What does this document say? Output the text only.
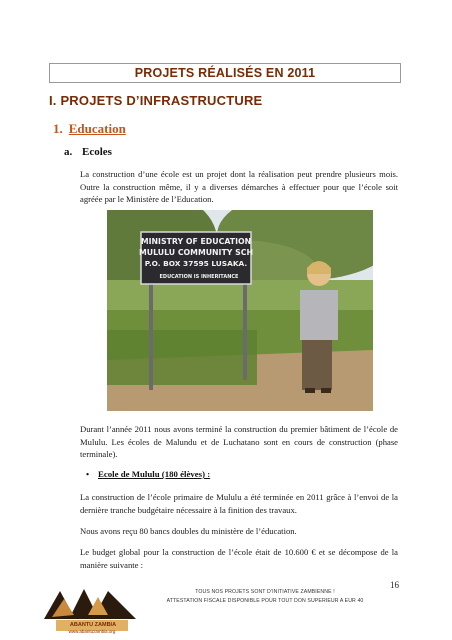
PROJETS RÉALISÉS EN 2011
I. PROJETS D’INFRASTRUCTURE
1. Education
a. Ecoles

La construction d’une école est un projet dont la réalisation peut prendre plusieurs mois. Outre la construction même, il y a diverses démarches à effectuer pour que l’école soit agréée par le Ministère de l’Education.

MINISTRY OF EDUCATION
MULULU COMMUNITY SCH
P.O. BOX 37595 LUSAKA.
EDUCATION IS INHERITANCE

Durant l’année 2011 nous avons terminé la construction du premier bâtiment de l’école de Mululu. Les écoles de Malundu et de Luchatano sont en cours de construction (phase terminale).

• Ecole de Mululu (180 élèves) :

La construction de l’école primaire de Mululu a été terminée en 2011 grâce à l’envoi de la dernière tranche budgétaire nécessaire à la finition des travaux.

Nous avons reçu 80 bancs doubles du ministère de l’éducation.

Le budget global pour la construction de l’école était de 10.600 € et se décompose de la manière suivante :

ABANTU ZAMBIA
www.abantuzambia.org
16
TOUS NOS PROJETS SONT D’INITIATIVE ZAMBIENNE !
ATTESTATION FISCALE DISPONIBLE POUR TOUT DON SUPERIEUR A EUR 40
